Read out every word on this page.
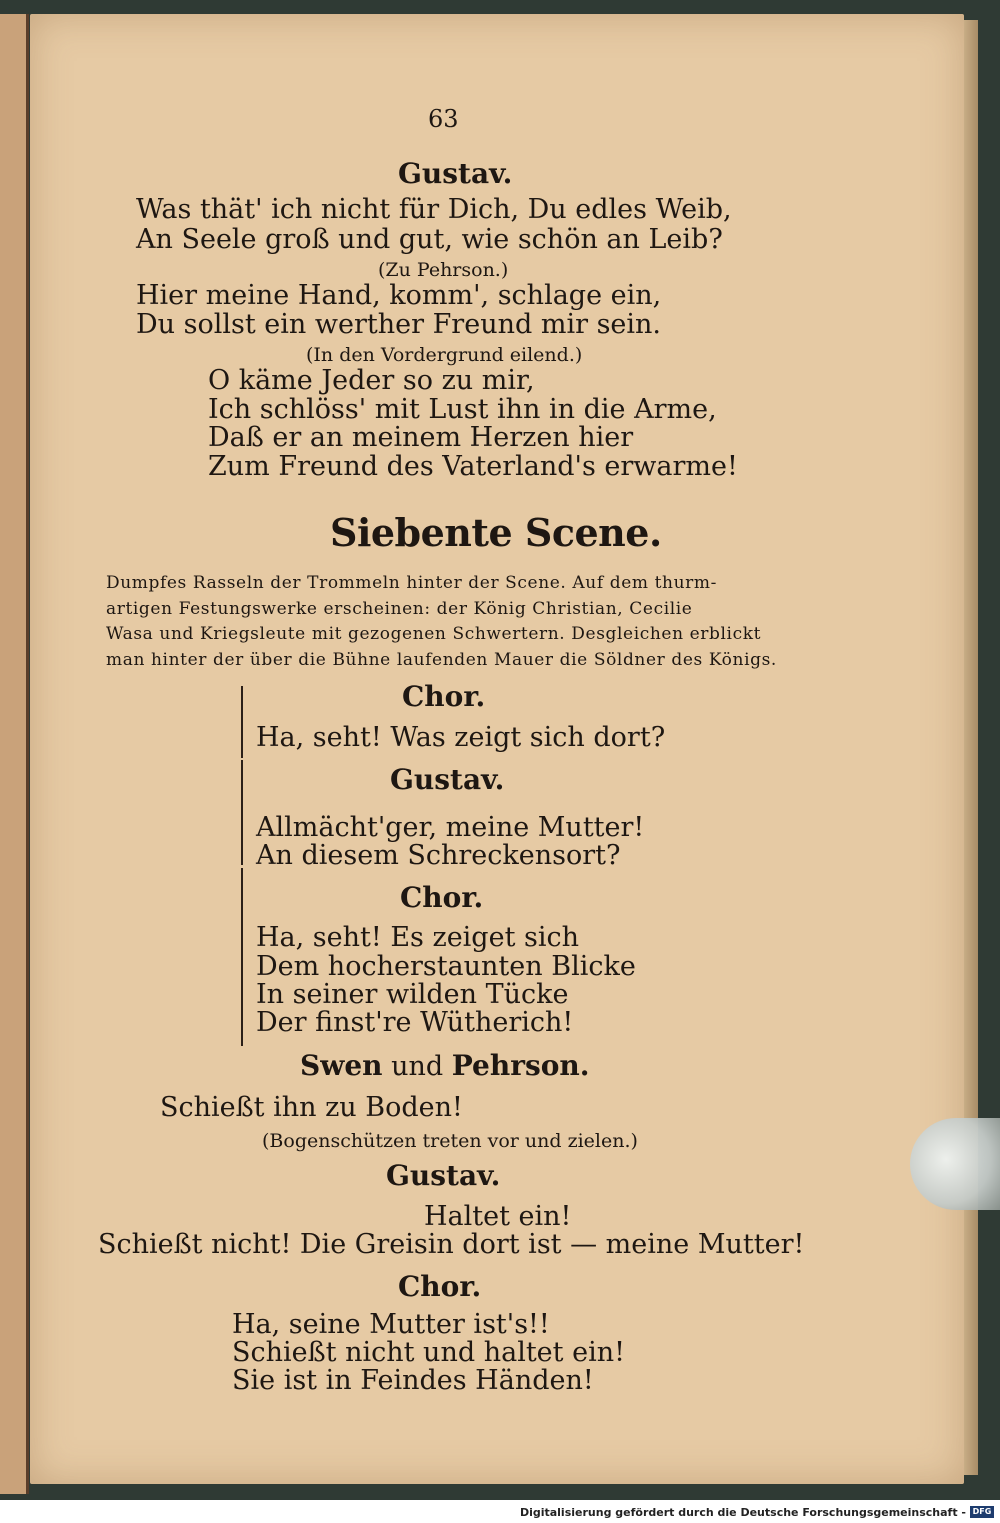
63
Gustav.
Was thät' ich nicht für Dich, Du edles Weib,
An Seele groß und gut, wie schön an Leib?
(Zu Pehrson.)
Hier meine Hand, komm', schlage ein,
Du sollst ein werther Freund mir sein.
(In den Vordergrund eilend.)
O käme Jeder so zu mir,
Ich schlöss' mit Lust ihn in die Arme,
Daß er an meinem Herzen hier
Zum Freund des Vaterland's erwarme!
Siebente Scene.
Dumpfes Rasseln der Trommeln hinter der Scene. Auf dem thurm-
artigen Festungswerke erscheinen: der König Christian, Cecilie
Wasa und Kriegsleute mit gezogenen Schwertern. Desgleichen erblickt
man hinter der über die Bühne laufenden Mauer die Söldner des Königs.
Chor.
Ha, seht! Was zeigt sich dort?
Gustav.
Allmächt'ger, meine Mutter!
An diesem Schreckensort?
Chor.
Ha, seht! Es zeiget sich
Dem hocherstaunten Blicke
In seiner wilden Tücke
Der finst're Wütherich!
Swen und Pehrson.
Schießt ihn zu Boden!
(Bogenschützen treten vor und zielen.)
Gustav.
Haltet ein!
Schießt nicht! Die Greisin dort ist — meine Mutter!
Chor.
Ha, seine Mutter ist's!!
Schießt nicht und haltet ein!
Sie ist in Feindes Händen!
Digitalisierung gefördert durch die Deutsche Forschungsgemeinschaft - DFG
